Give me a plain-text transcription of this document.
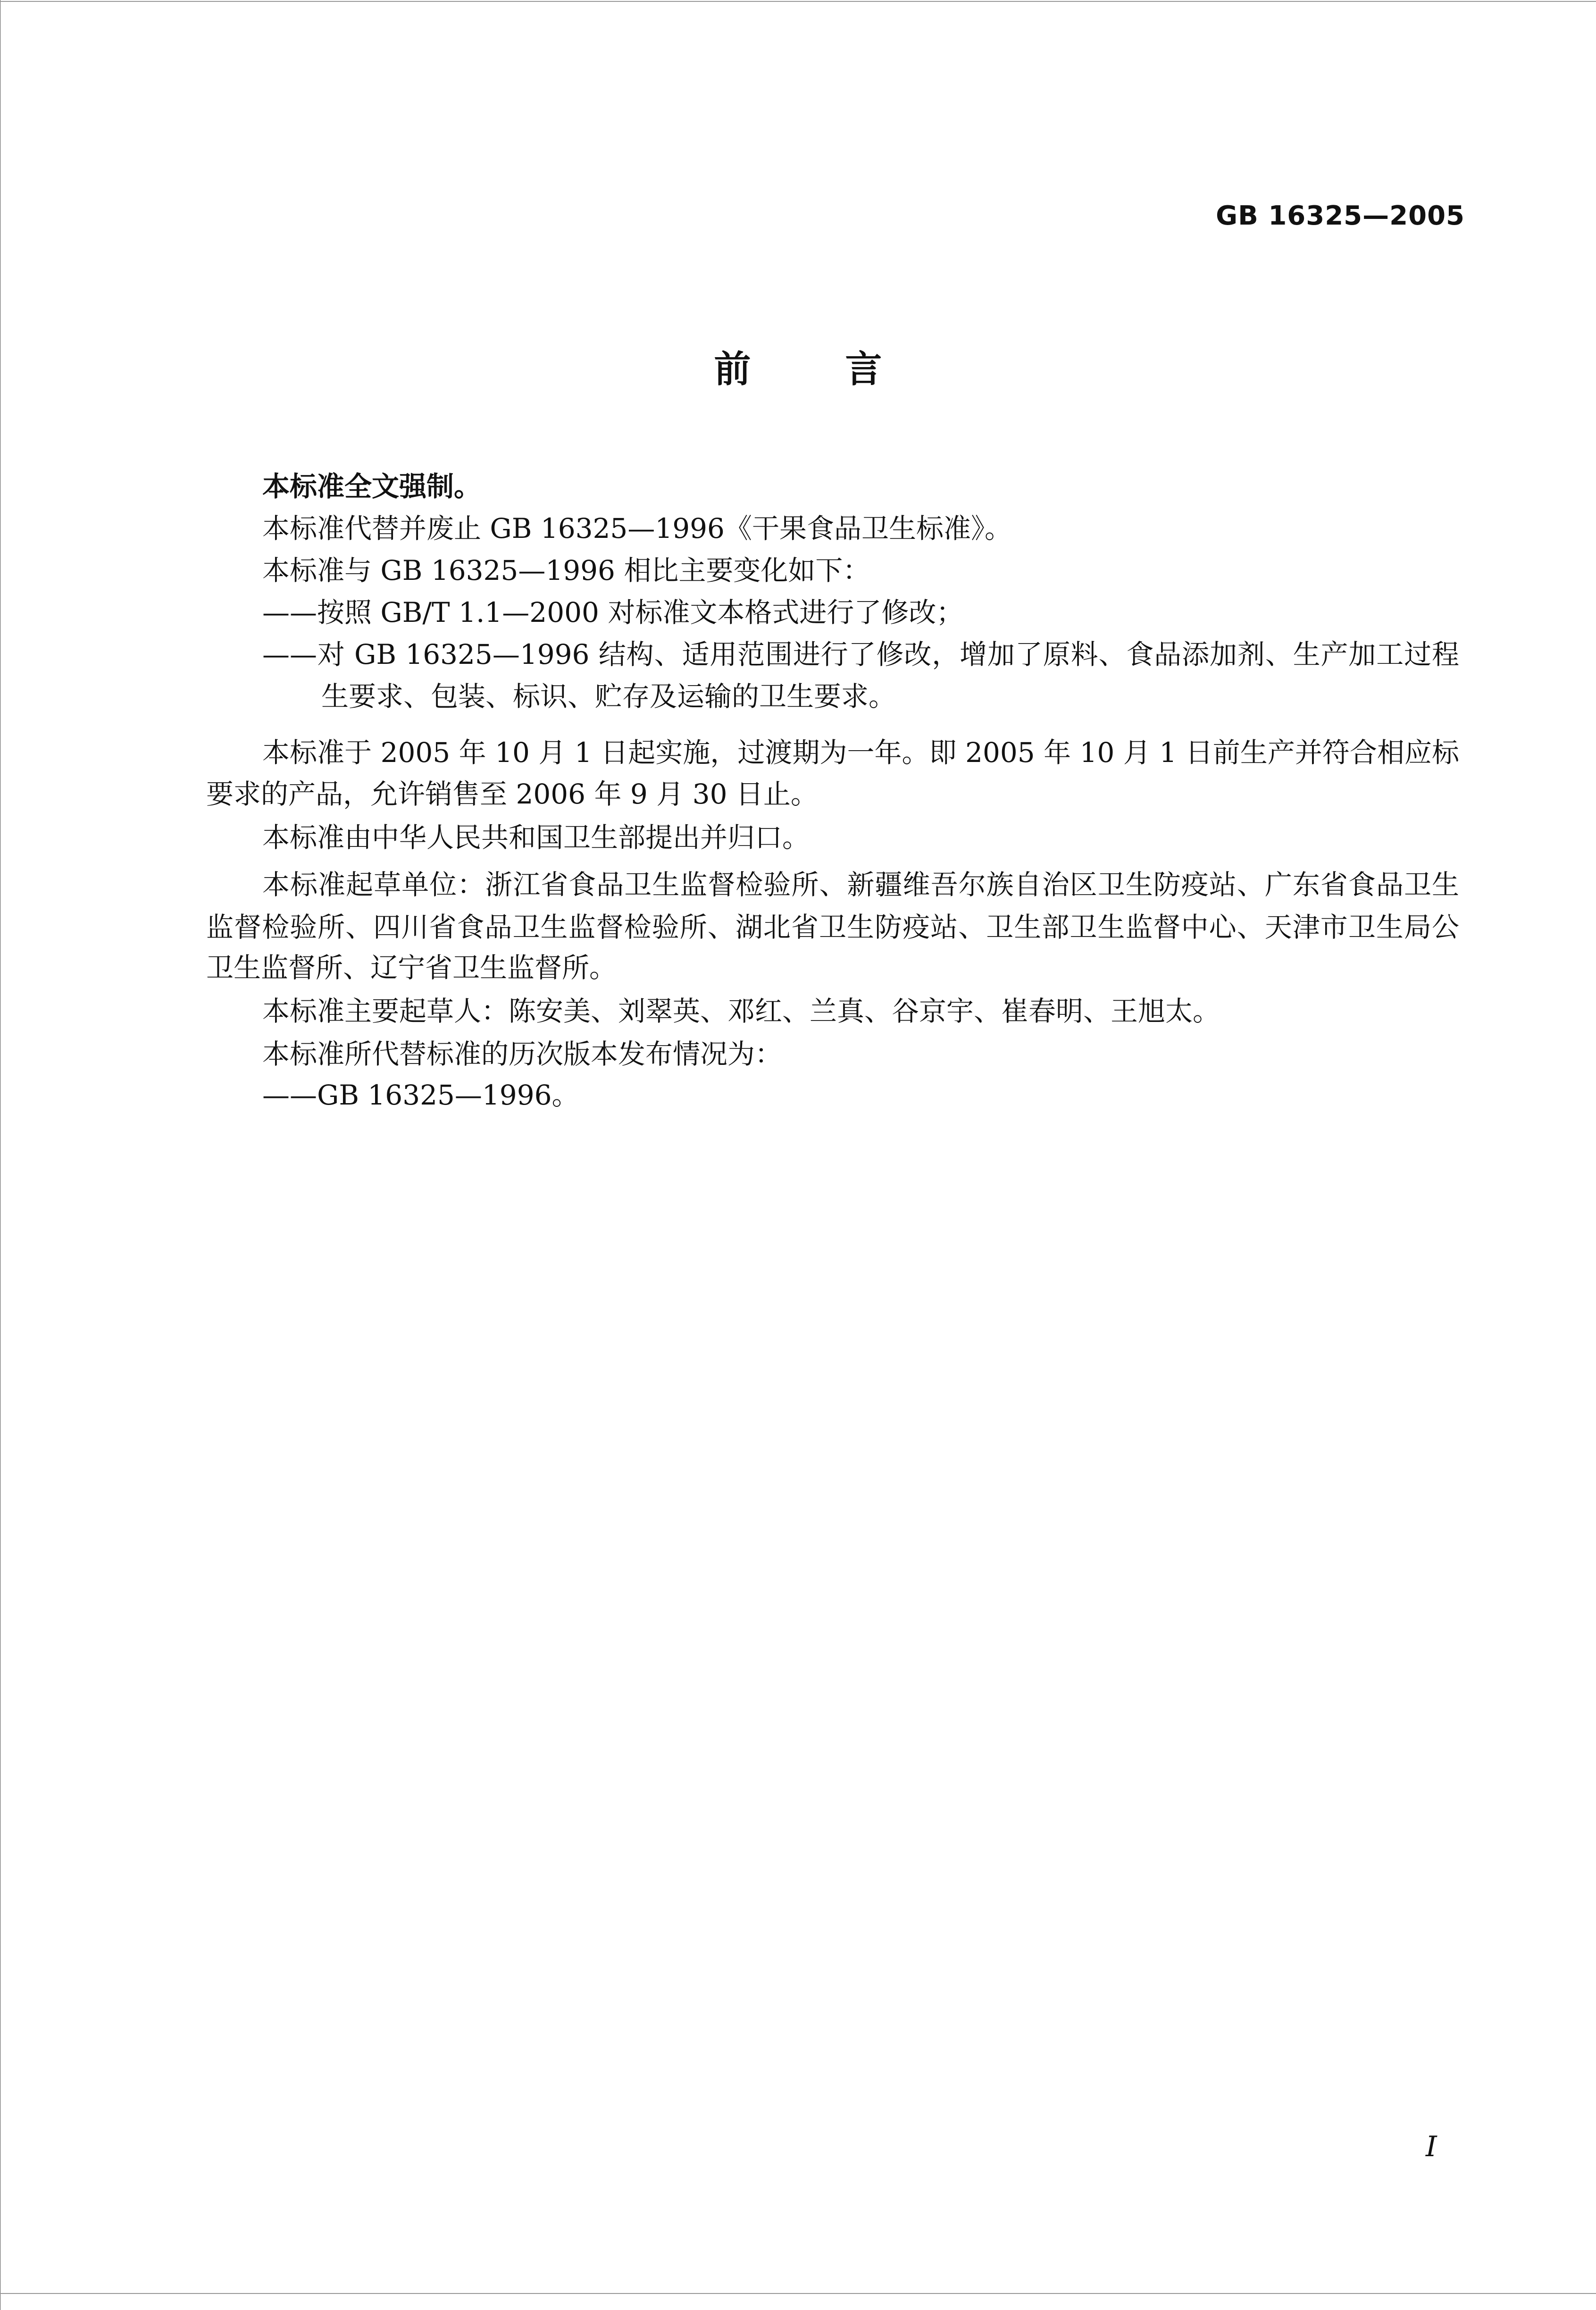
GB 16325—2005
前言
本标准全文强制。
本标准代替并废止 GB 16325—1996《干果食品卫生标准》。
本标准与 GB 16325—1996 相比主要变化如下：
——按照 GB/T 1.1—2000 对标准文本格式进行了修改；
——对 GB 16325—1996 结构、适用范围进行了修改，增加了原料、食品添加剂、生产加工过程
生要求、包装、标识、贮存及运输的卫生要求。
本标准于 2005 年 10 月 1 日起实施，过渡期为一年。即 2005 年 10 月 1 日前生产并符合相应标
要求的产品，允许销售至 2006 年 9 月 30 日止。
本标准由中华人民共和国卫生部提出并归口。
本标准起草单位：浙江省食品卫生监督检验所、新疆维吾尔族自治区卫生防疫站、广东省食品卫生
监督检验所、四川省食品卫生监督检验所、湖北省卫生防疫站、卫生部卫生监督中心、天津市卫生局公
卫生监督所、辽宁省卫生监督所。
本标准主要起草人：陈安美、刘翠英、邓红、兰真、谷京宇、崔春明、王旭太。
本标准所代替标准的历次版本发布情况为：
——GB 16325—1996。
I
